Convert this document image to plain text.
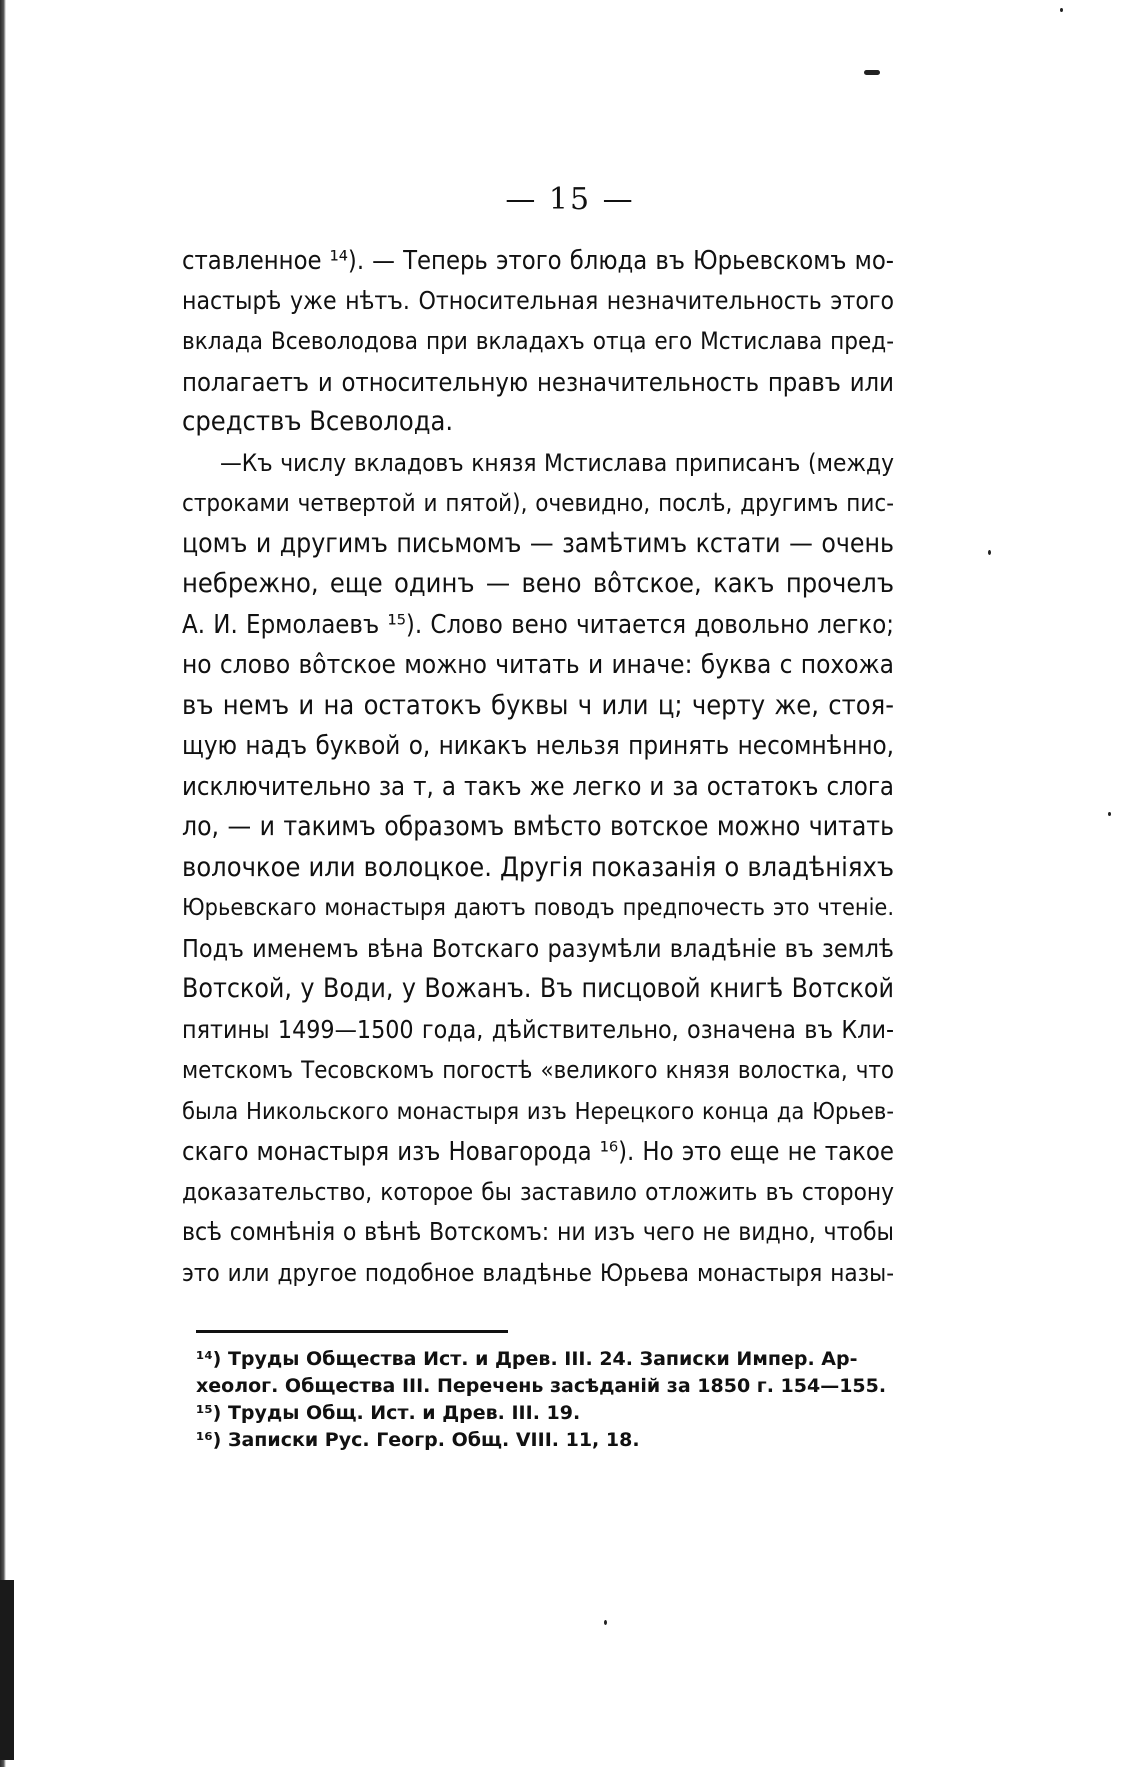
— 15 —
ставленное ¹⁴). — Теперь этого блюда въ Юрьевскомъ мо-
настырѣ уже нѣтъ. Относительная незначительность этого
вклада Всеволодова при вкладахъ отца его Мстислава пред-
полагаетъ и относительную незначительность правъ или
средствъ Всеволода.
—Къ числу вкладовъ князя Мстислава приписанъ (между
строками четвертой и пятой), очевидно, послѣ, другимъ пис-
цомъ и другимъ письмомъ — замѣтимъ кстати — очень
небрежно, еще одинъ — вено вôтское, какъ прочелъ
А. И. Ермолаевъ ¹⁵). Слово вено читается довольно легко;
но слово вôтское можно читать и иначе: буква с похожа
въ немъ и на остатокъ буквы ч или ц; черту же, стоя-
щую надъ буквой о, никакъ нельзя принять несомнѣнно,
исключительно за т, а такъ же легко и за остатокъ слога
ло, — и такимъ образомъ вмѣсто вотское можно читать
волочкое или волоцкое. Другія показанія о владѣніяхъ
Юрьевскаго монастыря даютъ поводъ предпочесть это чтеніе.
Подъ именемъ вѣна Вотскаго разумѣли владѣніе въ землѣ
Вотской, у Води, у Вожанъ. Въ писцовой книгѣ Вотской
пятины 1499—1500 года, дѣйствительно, означена въ Кли-
метскомъ Тесовскомъ погостѣ «великого князя волостка, что
была Никольского монастыря изъ Нерецкого конца да Юрьев-
скаго монастыря изъ Новагорода ¹⁶). Но это еще не такое
доказательство, которое бы заставило отложить въ сторону
всѣ сомнѣнія о вѣнѣ Вотскомъ: ни изъ чего не видно, чтобы
это или другое подобное владѣнье Юрьева монастыря назы-
¹⁴) Труды Общества Ист. и Древ. III. 24. Записки Импер. Ар-
хеолог. Общества III. Перечень засѣданій за 1850 г. 154—155.
¹⁵) Труды Общ. Ист. и Древ. III. 19.
¹⁶) Записки Рус. Геогр. Общ. VIII. 11, 18.
